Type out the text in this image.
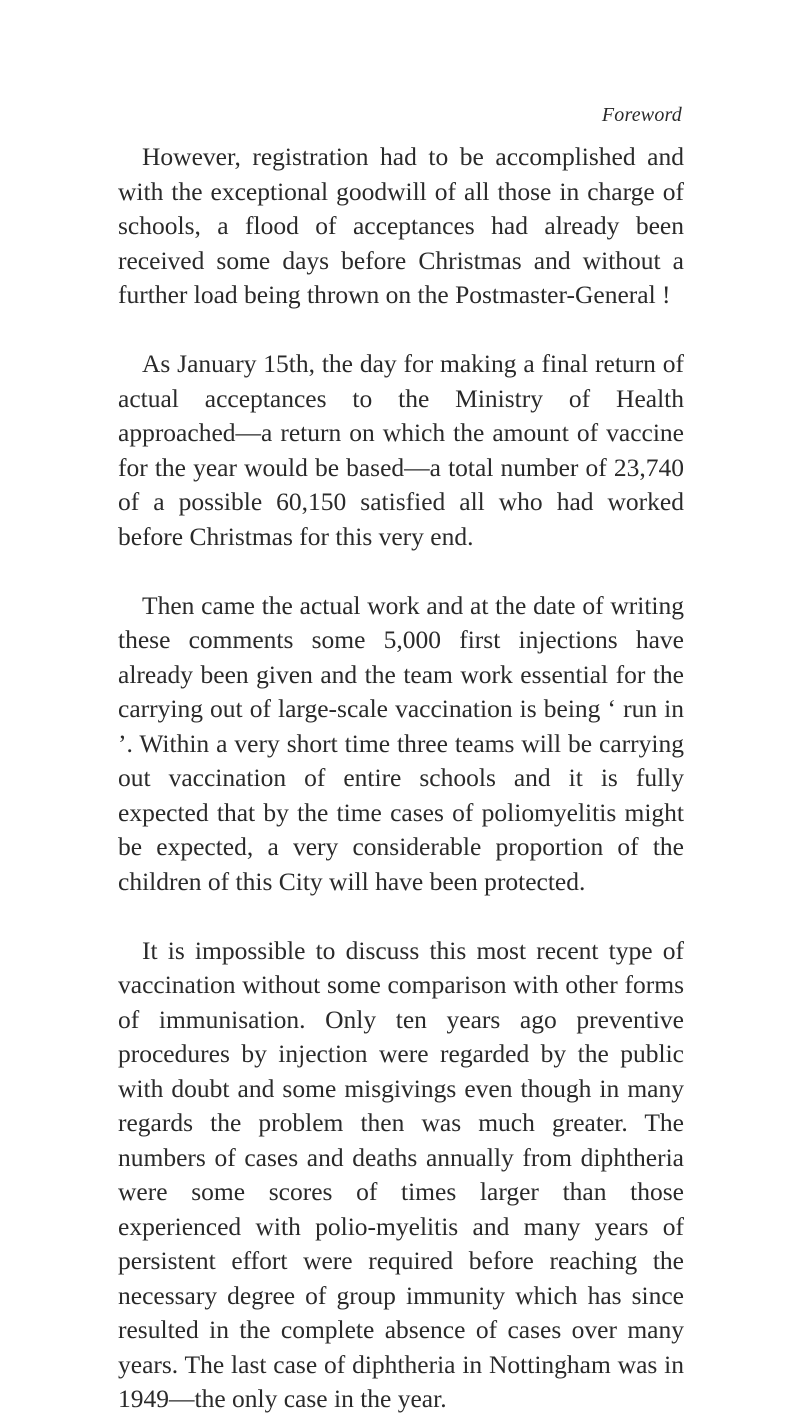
Foreword

However, registration had to be accomplished and with the exceptional goodwill of all those in charge of schools, a flood of acceptances had already been received some days before Christmas and without a further load being thrown on the Postmaster-General !

As January 15th, the day for making a final return of actual acceptances to the Ministry of Health approached—a return on which the amount of vaccine for the year would be based—a total number of 23,740 of a possible 60,150 satisfied all who had worked before Christmas for this very end.

Then came the actual work and at the date of writing these comments some 5,000 first injections have already been given and the team work essential for the carrying out of large-scale vaccination is being ‘ run in ’. Within a very short time three teams will be carrying out vaccination of entire schools and it is fully expected that by the time cases of poliomyelitis might be expected, a very considerable proportion of the children of this City will have been protected.

It is impossible to discuss this most recent type of vaccination without some comparison with other forms of immunisation. Only ten years ago preventive procedures by injection were regarded by the public with doubt and some misgivings even though in many regards the problem then was much greater. The numbers of cases and deaths annually from diphtheria were some scores of times larger than those experienced with polio-myelitis and many years of persistent effort were required before reaching the necessary degree of group immunity which has since resulted in the complete absence of cases over many years. The last case of diphtheria in Nottingham was in 1949—the only case in the year.
